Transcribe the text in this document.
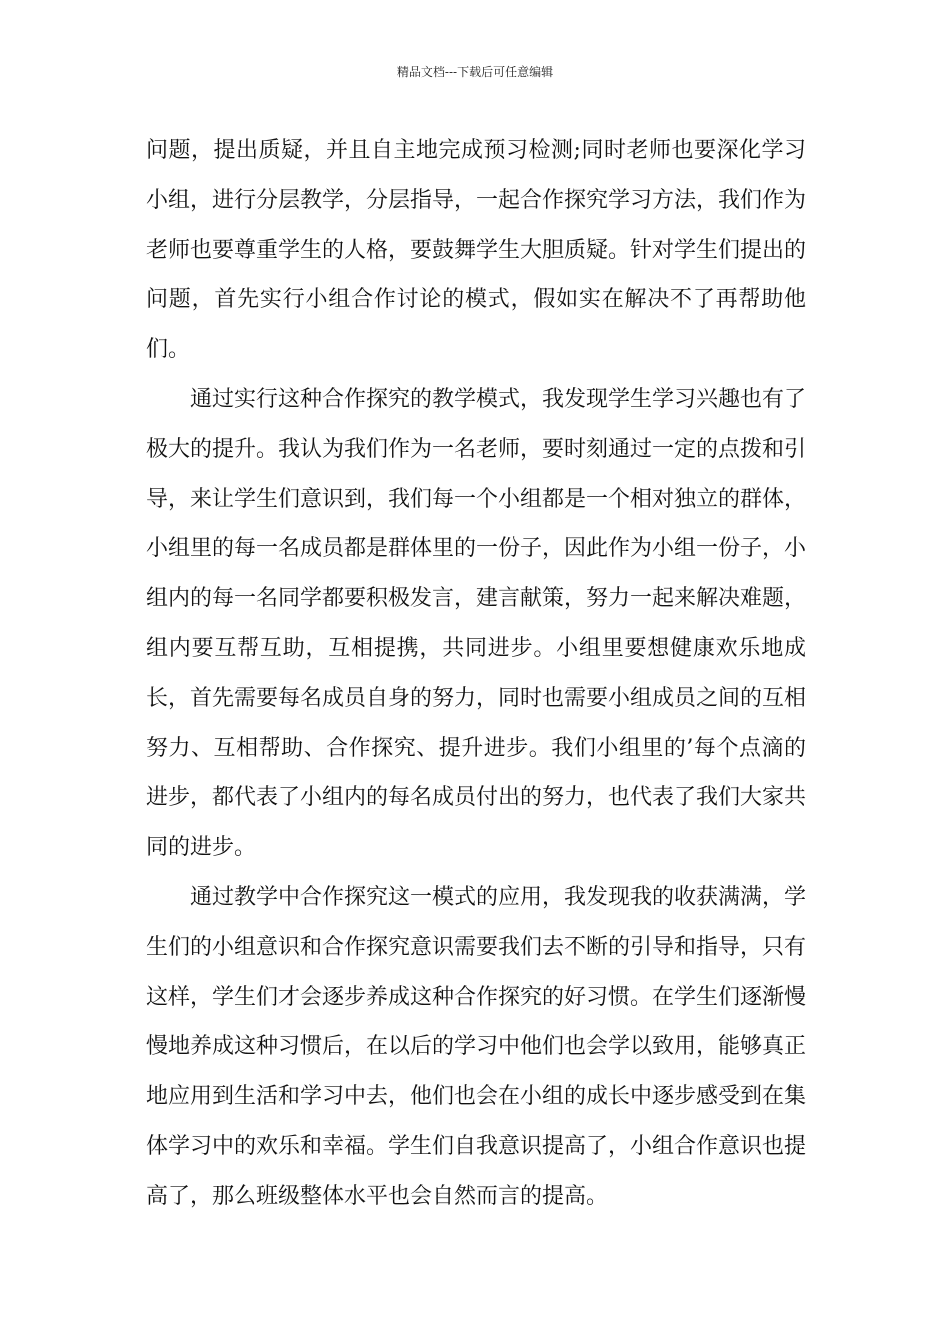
精品文档---下载后可任意编辑

问题，提出质疑，并且自主地完成预习检测;同时老师也要深化学习小组，进行分层教学，分层指导，一起合作探究学习方法，我们作为老师也要尊重学生的人格，要鼓舞学生大胆质疑。针对学生们提出的问题，首先实行小组合作讨论的模式，假如实在解决不了再帮助他们。

通过实行这种合作探究的教学模式，我发现学生学习兴趣也有了极大的提升。我认为我们作为一名老师，要时刻通过一定的点拨和引导，来让学生们意识到，我们每一个小组都是一个相对独立的群体，小组里的每一名成员都是群体里的一份子，因此作为小组一份子，小组内的每一名同学都要积极发言，建言献策，努力一起来解决难题，组内要互帮互助，互相提携，共同进步。小组里要想健康欢乐地成长，首先需要每名成员自身的努力，同时也需要小组成员之间的互相努力、互相帮助、合作探究、提升进步。我们小组里的’每个点滴的进步，都代表了小组内的每名成员付出的努力，也代表了我们大家共同的进步。

通过教学中合作探究这一模式的应用，我发现我的收获满满，学生们的小组意识和合作探究意识需要我们去不断的引导和指导，只有这样，学生们才会逐步养成这种合作探究的好习惯。在学生们逐渐慢慢地养成这种习惯后，在以后的学习中他们也会学以致用，能够真正地应用到生活和学习中去，他们也会在小组的成长中逐步感受到在集体学习中的欢乐和幸福。学生们自我意识提高了，小组合作意识也提高了，那么班级整体水平也会自然而言的提高。
